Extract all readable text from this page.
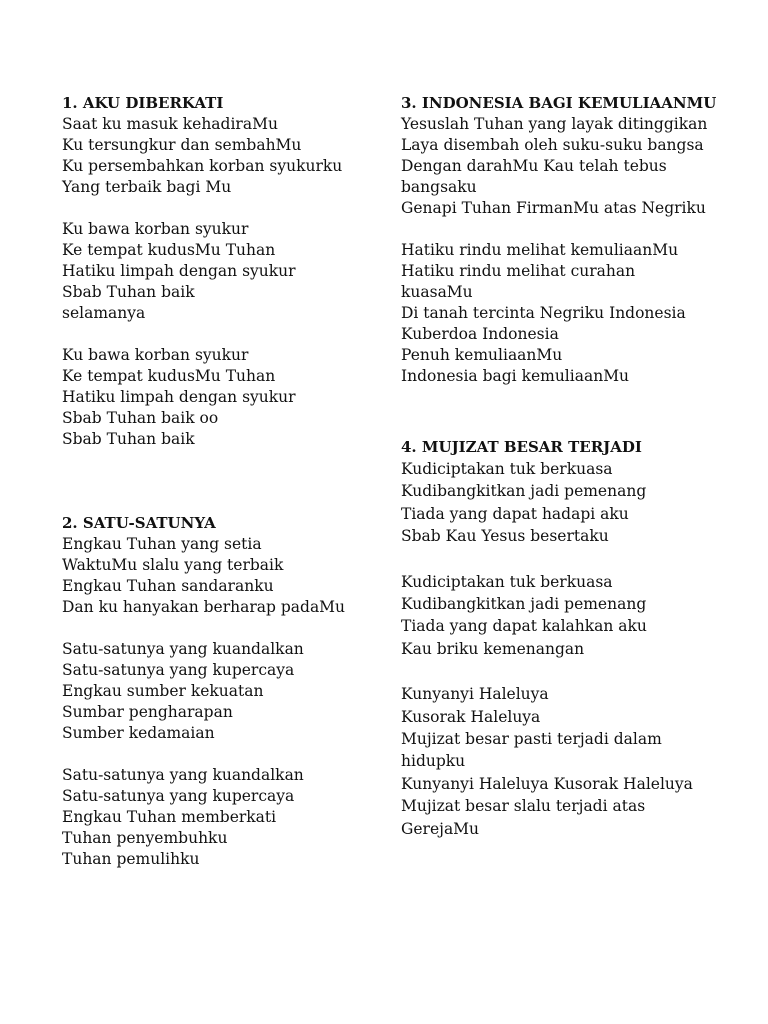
1. AKU DIBERKATI
Saat ku masuk kehadiraMu
Ku tersungkur dan sembahMu
Ku persembahkan korban syukurku
Yang terbaik bagi Mu
Ku bawa korban syukur
Ke tempat kudusMu Tuhan
Hatiku limpah dengan syukur
Sbab Tuhan baik
selamanya
Ku bawa korban syukur
Ke tempat kudusMu Tuhan
Hatiku limpah dengan syukur
Sbab Tuhan baik oo
Sbab Tuhan baik
2. SATU-SATUNYA
Engkau Tuhan yang setia
WaktuMu slalu yang terbaik
Engkau Tuhan sandaranku
Dan ku hanyakan berharap padaMu
Satu-satunya yang kuandalkan
Satu-satunya yang kupercaya
Engkau sumber kekuatan
Sumbar pengharapan
Sumber kedamaian
Satu-satunya yang kuandalkan
Satu-satunya yang kupercaya
Engkau Tuhan memberkati
Tuhan penyembuhku
Tuhan pemulihku
3. INDONESIA BAGI KEMULIAANMU
Yesuslah Tuhan yang layak ditinggikan
Laya disembah oleh suku-suku bangsa
Dengan darahMu Kau telah tebus
bangsaku
Genapi Tuhan FirmanMu atas Negriku
Hatiku rindu melihat kemuliaanMu
Hatiku rindu melihat curahan
kuasaMu
Di tanah tercinta Negriku Indonesia
Kuberdoa Indonesia
Penuh kemuliaanMu
Indonesia bagi kemuliaanMu
4. MUJIZAT BESAR TERJADI
Kudiciptakan tuk berkuasa
Kudibangkitkan jadi pemenang
Tiada yang dapat hadapi aku
Sbab Kau Yesus besertaku
Kudiciptakan tuk berkuasa
Kudibangkitkan jadi pemenang
Tiada yang dapat kalahkan aku
Kau briku kemenangan
Kunyanyi Haleluya
Kusorak Haleluya
Mujizat besar pasti terjadi dalam
hidupku
Kunyanyi Haleluya Kusorak Haleluya
Mujizat besar slalu terjadi atas
GerejaMu
